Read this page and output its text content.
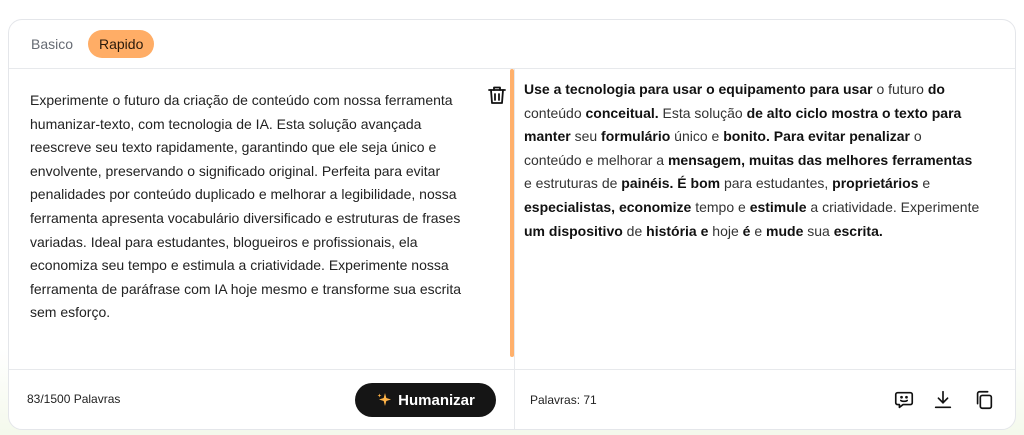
Basico	Rapido
Experimente o futuro da criação de conteúdo com nossa ferramenta humanizar-texto, com tecnologia de IA. Esta solução avançada reescreve seu texto rapidamente, garantindo que ele seja único e envolvente, preservando o significado original. Perfeita para evitar penalidades por conteúdo duplicado e melhorar a legibilidade, nossa ferramenta apresenta vocabulário diversificado e estruturas de frases variadas. Ideal para estudantes, blogueiros e profissionais, ela economiza seu tempo e estimula a criatividade. Experimente nossa ferramenta de paráfrase com IA hoje mesmo e transforme sua escrita sem esforço.
Use a tecnologia para usar o equipamento para usar o futuro do conteúdo conceitual. Esta solução de alto ciclo mostra o texto para manter seu formulário único e bonito. Para evitar penalizar o conteúdo e melhorar a mensagem, muitas das melhores ferramentas e estruturas de painéis. É bom para estudantes, proprietários e especialistas, economize tempo e estimule a criatividade. Experimente um dispositivo de história e hoje é e mude sua escrita.
83/1500 Palavras	Humanizar	Palavras: 71
